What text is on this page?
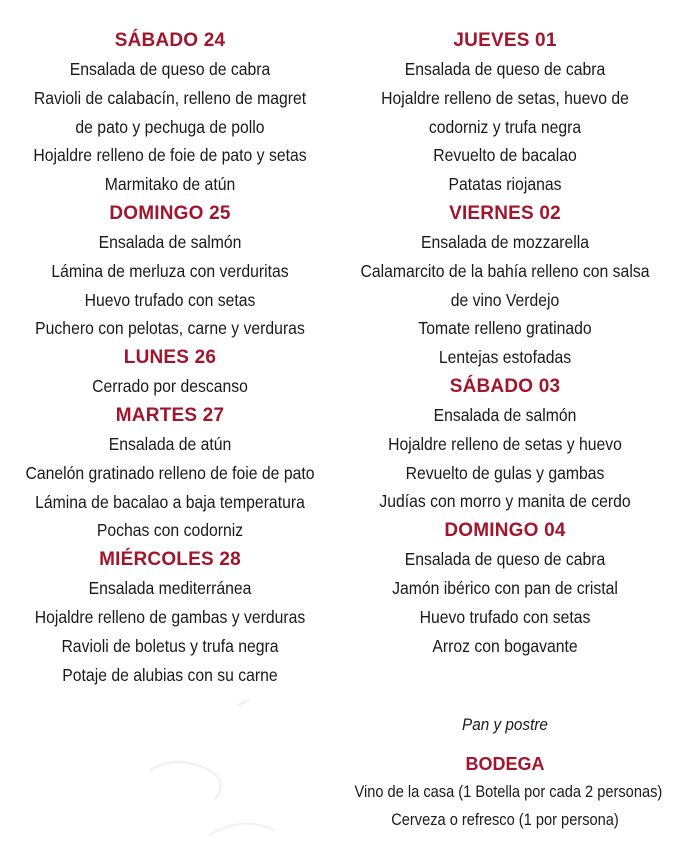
SÁBADO 24

Ensalada de queso de cabra

Ravioli de calabacín, relleno de magret

de pato y pechuga de pollo

Hojaldre relleno de foie de pato y setas

Marmitako de atún

DOMINGO 25

Ensalada de salmón

Lámina de merluza con verduritas

Huevo trufado con setas

Puchero con pelotas, carne y verduras

LUNES 26

Cerrado por descanso

MARTES 27

Ensalada de atún

Canelón gratinado relleno de foie de pato

Lámina de bacalao a baja temperatura

Pochas con codorniz

MIÉRCOLES 28

Ensalada mediterránea

Hojaldre relleno de gambas y verduras

Ravioli de boletus y trufa negra

Potaje de alubias con su carne

JUEVES 01

Ensalada de queso de cabra

Hojaldre relleno de setas, huevo de

codorniz y trufa negra

Revuelto de bacalao

Patatas riojanas

VIERNES 02

Ensalada de mozzarella

Calamarcito de la bahía relleno con salsa

de vino Verdejo

Tomate relleno gratinado

Lentejas estofadas

SÁBADO 03

Ensalada de salmón

Hojaldre relleno de setas y huevo

Revuelto de gulas y gambas

Judías con morro y manita de cerdo

DOMINGO 04

Ensalada de queso de cabra

Jamón ibérico con pan de cristal

Huevo trufado con setas

Arroz con bogavante

Pan y postre

BODEGA

Vino de la casa (1 Botella por cada 2 personas)

Cerveza o refresco (1 por persona)
